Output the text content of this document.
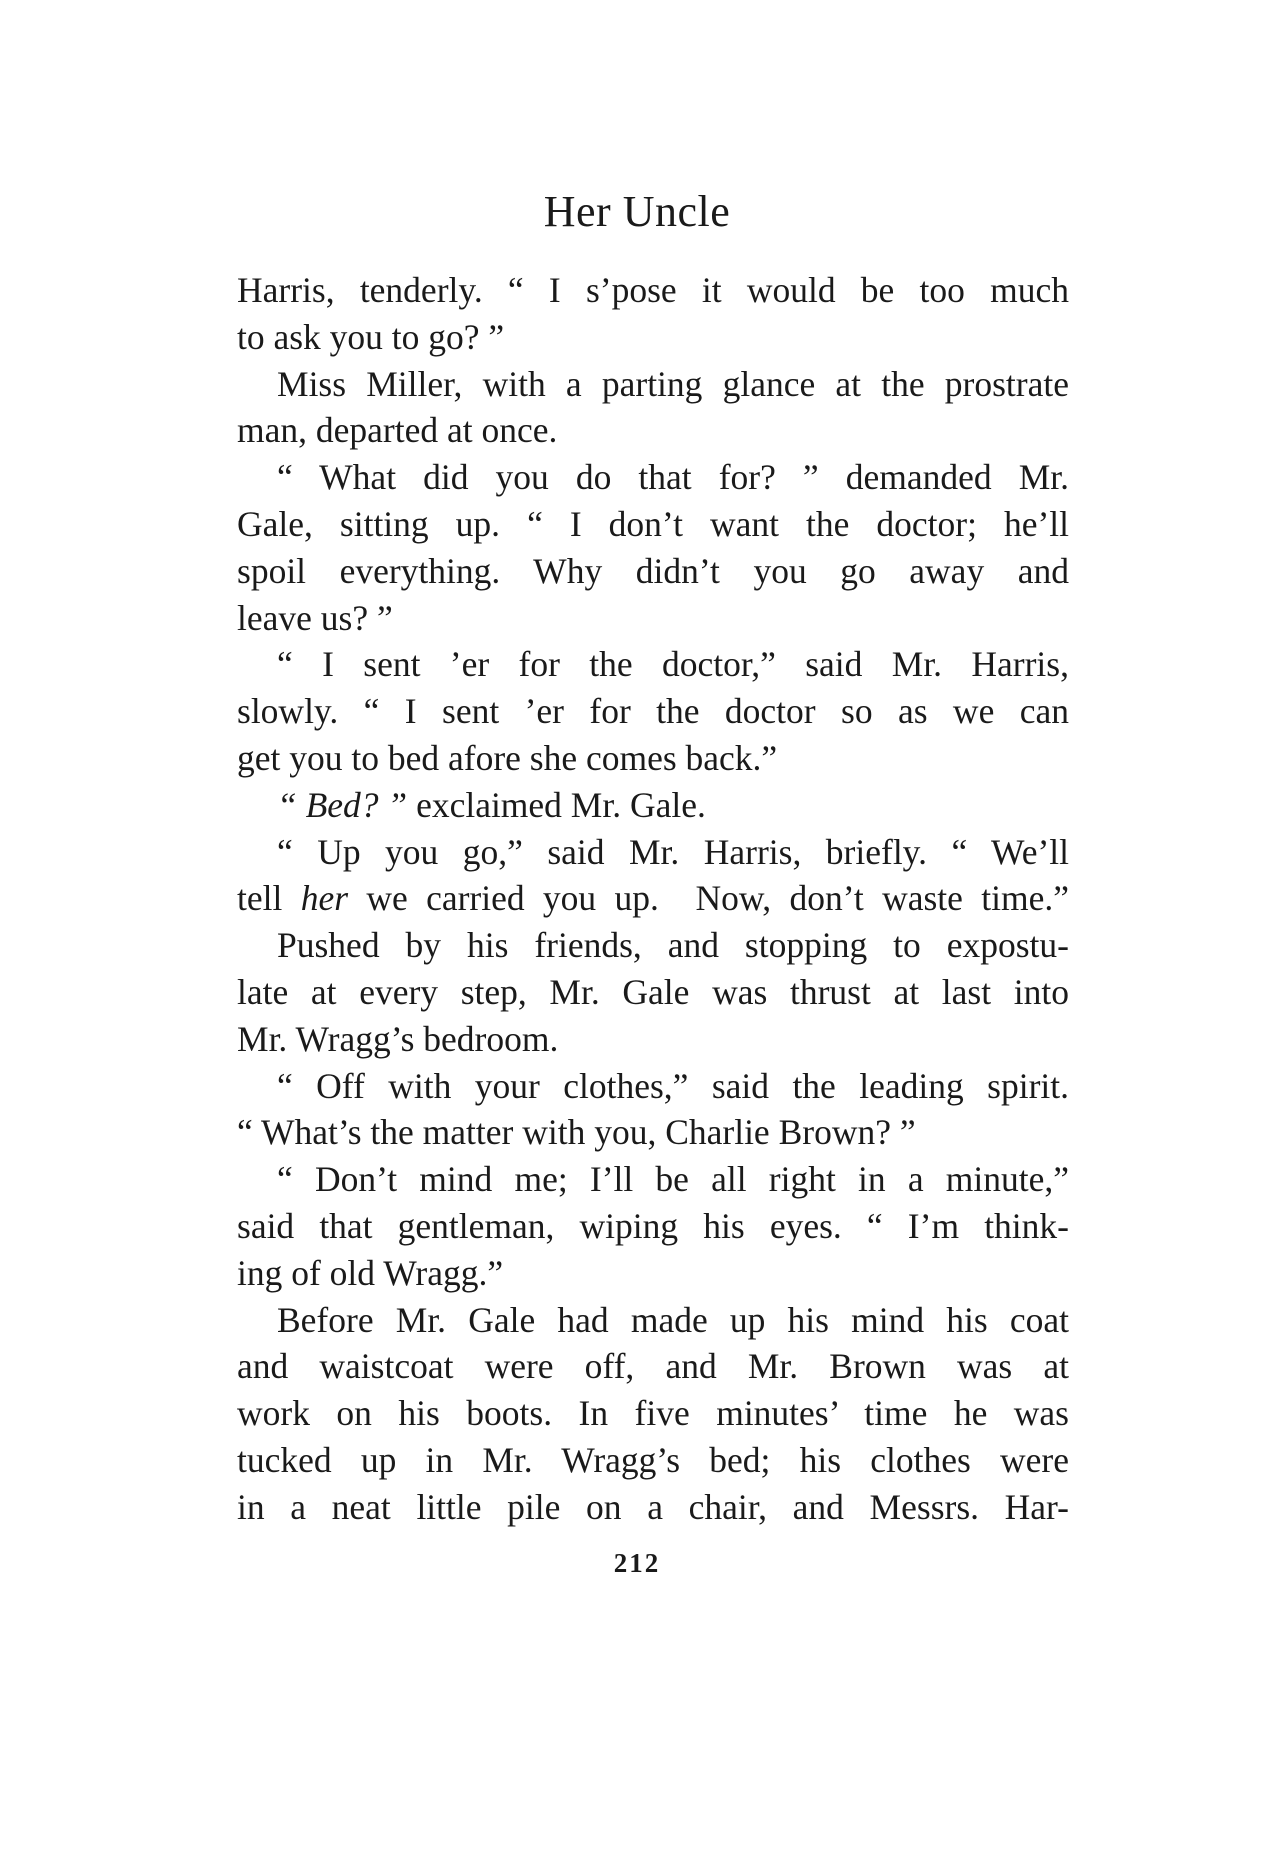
Her Uncle
Harris, tenderly. “ I s’pose it would be too much
to ask you to go? ”
Miss Miller, with a parting glance at the prostrate
man, departed at once.
“ What did you do that for? ” demanded Mr.
Gale, sitting up. “ I don’t want the doctor; he’ll
spoil everything. Why didn’t you go away and
leave us? ”
“ I sent ’er for the doctor,” said Mr. Harris,
slowly. “ I sent ’er for the doctor so as we can
get you to bed afore she comes back.”
“ Bed? ” exclaimed Mr. Gale.
“ Up you go,” said Mr. Harris, briefly. “ We’ll
tell her we carried you up.  Now, don’t waste time.”
Pushed by his friends, and stopping to expostu-
late at every step, Mr. Gale was thrust at last into
Mr. Wragg’s bedroom.
“ Off with your clothes,” said the leading spirit.
“ What’s the matter with you, Charlie Brown? ”
“ Don’t mind me; I’ll be all right in a minute,”
said that gentleman, wiping his eyes. “ I’m think-
ing of old Wragg.”
Before Mr. Gale had made up his mind his coat
and waistcoat were off, and Mr. Brown was at
work on his boots. In five minutes’ time he was
tucked up in Mr. Wragg’s bed; his clothes were
in a neat little pile on a chair, and Messrs. Har-
212
